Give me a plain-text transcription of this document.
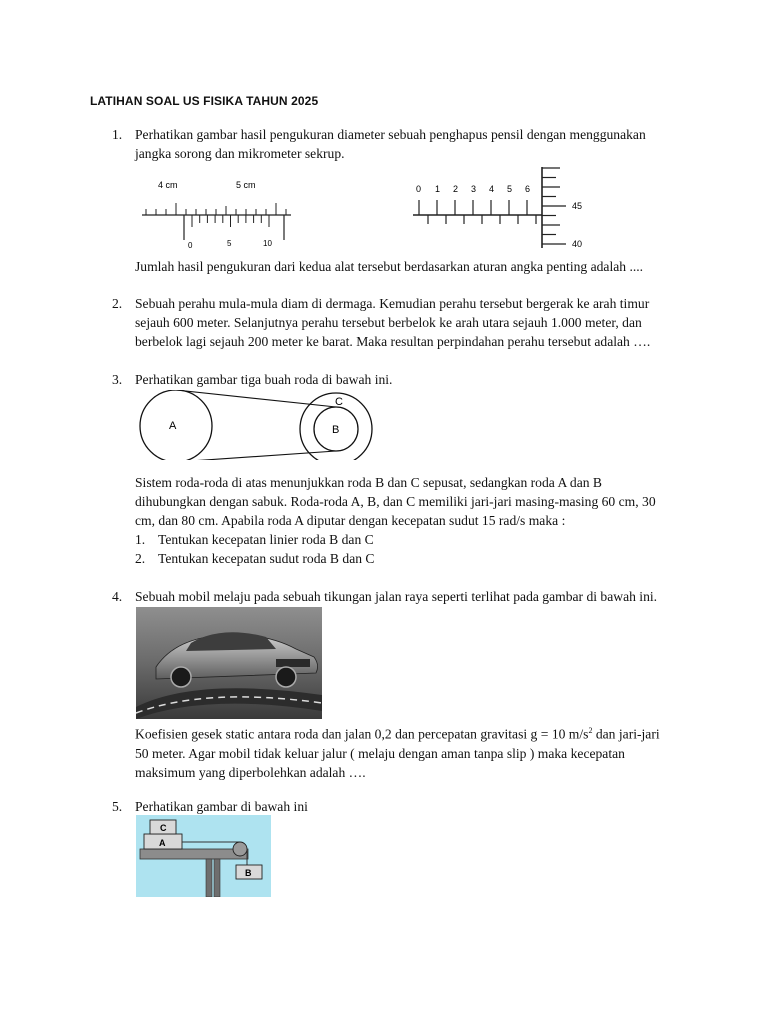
LATIHAN SOAL US FISIKA TAHUN 2025
1. Perhatikan gambar hasil pengukuran diameter sebuah penghapus pensil dengan menggunakan jangka sorong dan mikrometer sekrup.
4 cm	5 cm
0	5	10
0 1 2 3 4 5 6
45
40
Jumlah hasil pengukuran dari kedua alat tersebut berdasarkan aturan angka penting adalah ....
2. Sebuah perahu mula-mula diam di dermaga. Kemudian perahu tersebut bergerak ke arah timur sejauh 600 meter. Selanjutnya perahu tersebut berbelok ke arah utara sejauh 1.000 meter, dan berbelok lagi sejauh 200 meter ke barat. Maka resultan perpindahan perahu tersebut adalah ….
3. Perhatikan gambar tiga buah roda di bawah ini.
A	B
C
Sistem roda-roda di atas menunjukkan roda B dan C sepusat, sedangkan roda A dan B dihubungkan dengan sabuk. Roda-roda A, B, dan C memiliki jari-jari masing-masing 60 cm, 30 cm, dan 80 cm. Apabila roda A diputar dengan kecepatan sudut 15 rad/s maka :
1. Tentukan kecepatan linier roda B dan C
2. Tentukan kecepatan sudut roda B dan C
4. Sebuah mobil melaju pada sebuah tikungan jalan raya seperti terlihat pada gambar di bawah ini.
Koefisien gesek static antara roda dan jalan 0,2 dan percepatan gravitasi g = 10 $m/s^2$ dan jari-jari 50 meter. Agar mobil tidak keluar jalur ( melaju dengan aman tanpa slip ) maka kecepatan maksimum yang diperbolehkan adalah ….
5. Perhatikan gambar di bawah ini
C
A
B
